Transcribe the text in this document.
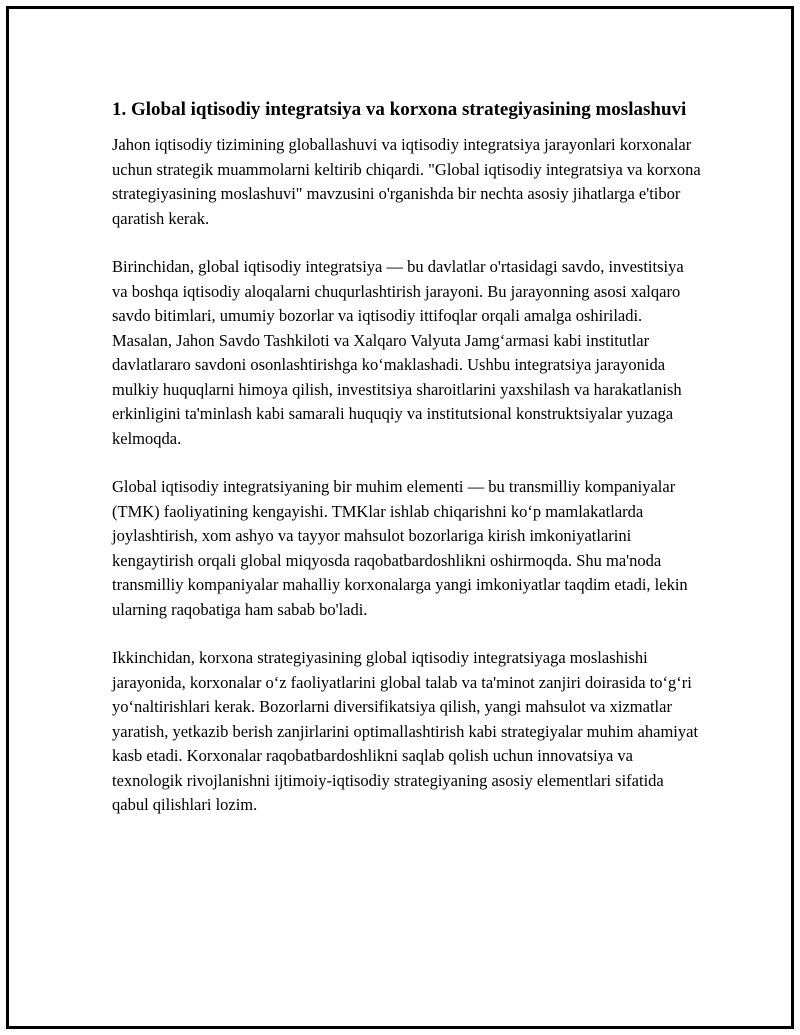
1. Global iqtisodiy integratsiya va korxona strategiyasining moslashuvi

Jahon iqtisodiy tizimining globallashuvi va iqtisodiy integratsiya jarayonlari korxonalar uchun strategik muammolarni keltirib chiqardi. "Global iqtisodiy integratsiya va korxona strategiyasining moslashuvi" mavzusini o'rganishda bir nechta asosiy jihatlarga e'tibor qaratish kerak.

Birinchidan, global iqtisodiy integratsiya — bu davlatlar o'rtasidagi savdo, investitsiya va boshqa iqtisodiy aloqalarni chuqurlashtirish jarayoni. Bu jarayonning asosi xalqaro savdo bitimlari, umumiy bozorlar va iqtisodiy ittifoqlar orqali amalga oshiriladi. Masalan, Jahon Savdo Tashkiloti va Xalqaro Valyuta Jamg‘armasi kabi institutlar davlatlararo savdoni osonlashtirishga ko‘maklashadi. Ushbu integratsiya jarayonida mulkiy huquqlarni himoya qilish, investitsiya sharoitlarini yaxshilash va harakatlanish erkinligini ta'minlash kabi samarali huquqiy va institutsional konstruktsiyalar yuzaga kelmoqda.

Global iqtisodiy integratsiyaning bir muhim elementi — bu transmilliy kompaniyalar (TMK) faoliyatining kengayishi. TMKlar ishlab chiqarishni ko‘p mamlakatlarda joylashtirish, xom ashyo va tayyor mahsulot bozorlariga kirish imkoniyatlarini kengaytirish orqali global miqyosda raqobatbardoshlikni oshirmoqda. Shu ma'noda transmilliy kompaniyalar mahalliy korxonalarga yangi imkoniyatlar taqdim etadi, lekin ularning raqobatiga ham sabab bo'ladi.

Ikkinchidan, korxona strategiyasining global iqtisodiy integratsiyaga moslashishi jarayonida, korxonalar o‘z faoliyatlarini global talab va ta'minot zanjiri doirasida to‘g‘ri yo‘naltirishlari kerak. Bozorlarni diversifikatsiya qilish, yangi mahsulot va xizmatlar yaratish, yetkazib berish zanjirlarini optimallashtirish kabi strategiyalar muhim ahamiyat kasb etadi. Korxonalar raqobatbardoshlikni saqlab qolish uchun innovatsiya va texnologik rivojlanishni ijtimoiy-iqtisodiy strategiyaning asosiy elementlari sifatida qabul qilishlari lozim.
